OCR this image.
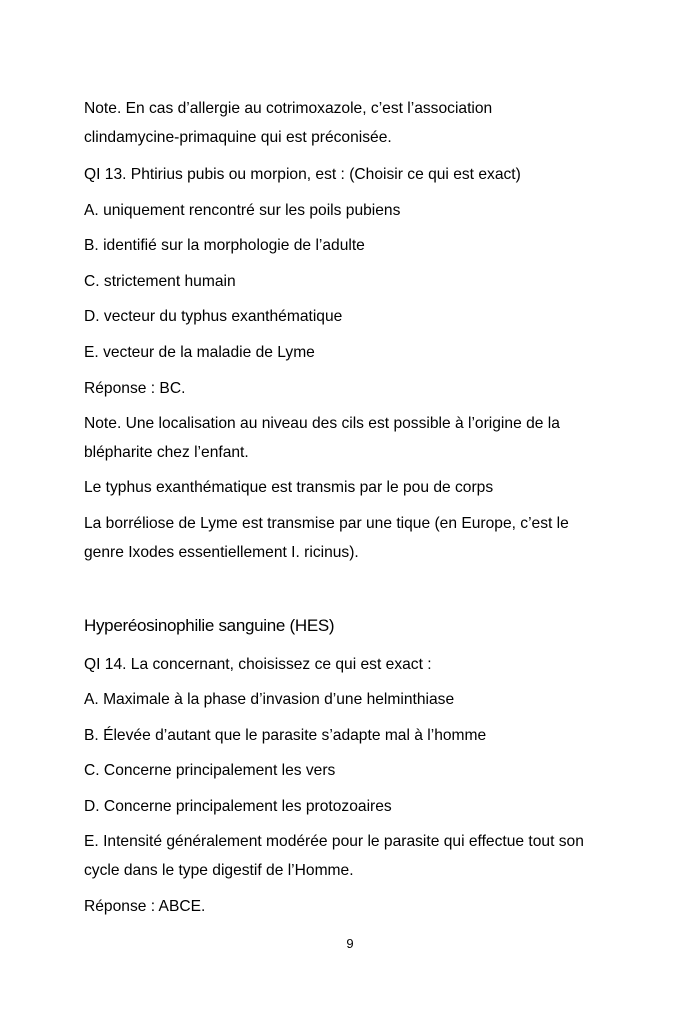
Note. En cas d’allergie au cotrimoxazole, c’est l’association

clindamycine-primaquine qui est préconisée.

QI 13. Phtirius pubis ou morpion, est : (Choisir ce qui est exact)

A. uniquement rencontré sur les poils pubiens

B. identifié sur la morphologie de l’adulte

C. strictement humain

D. vecteur du typhus exanthématique

E. vecteur de la maladie de Lyme

Réponse : BC.

Note. Une localisation au niveau des cils est possible à l’origine de la

blépharite chez l’enfant.

Le typhus exanthématique est transmis par le pou de corps

La borréliose de Lyme est transmise par une tique (en Europe, c’est le

genre Ixodes essentiellement I. ricinus).

Hyperéosinophilie sanguine (HES)

QI 14. La concernant, choisissez ce qui est exact :

A. Maximale à la phase d’invasion d’une helminthiase

B. Élevée d’autant que le parasite s’adapte mal à l’homme

C. Concerne principalement les vers

D. Concerne principalement les protozoaires

E. Intensité généralement modérée pour le parasite qui effectue tout son

cycle dans le type digestif de l’Homme.

Réponse : ABCE.

9
